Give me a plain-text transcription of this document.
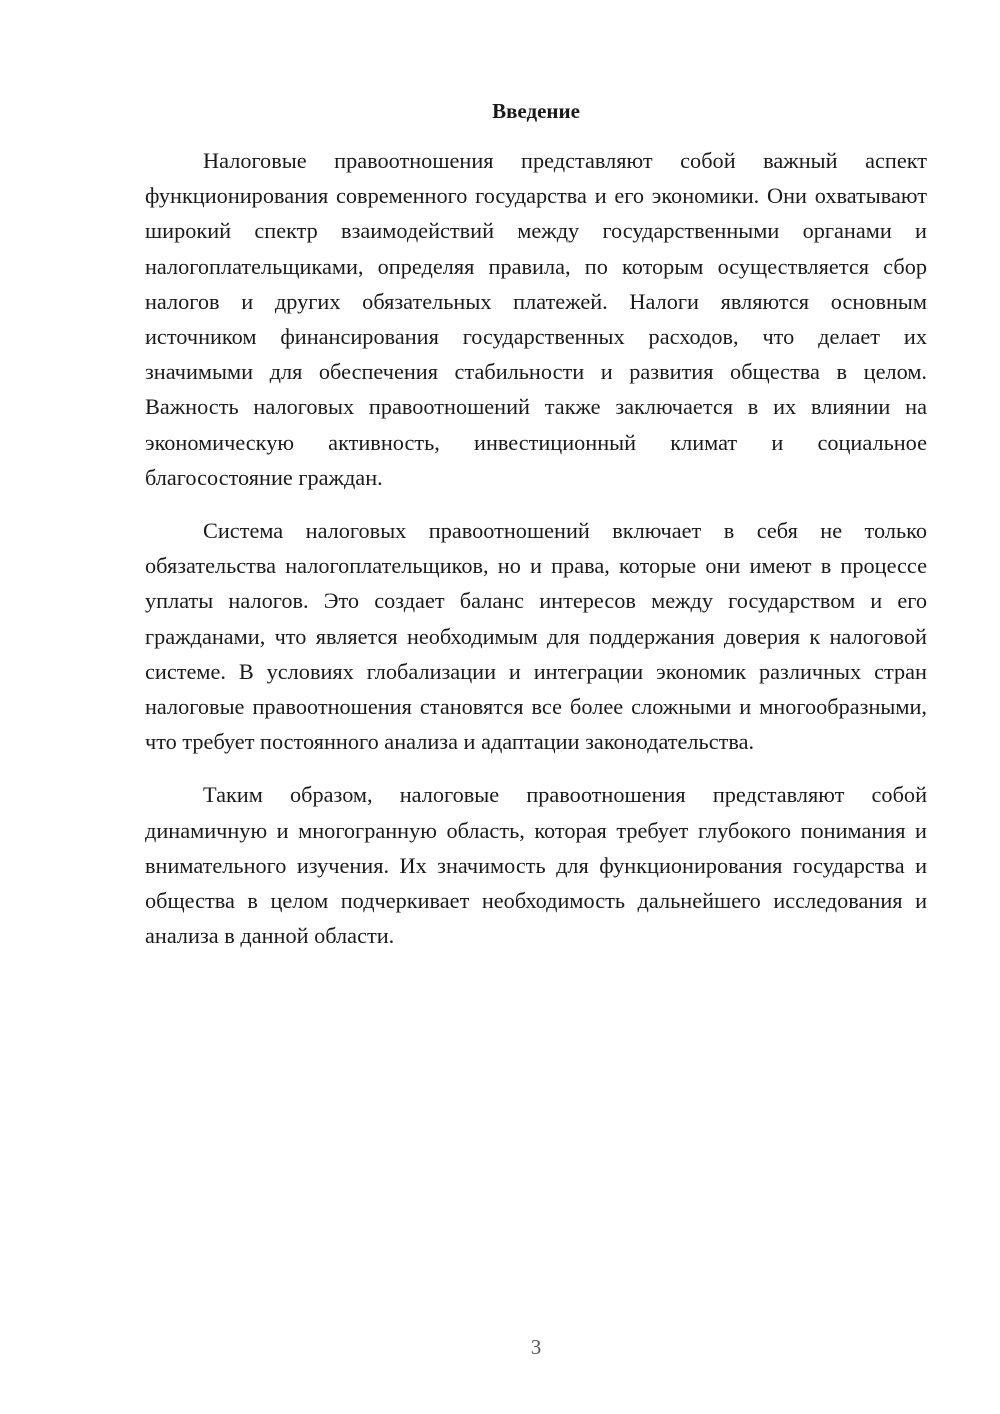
Введение

Налоговые правоотношения представляют собой важный аспект функционирования современного государства и его экономики. Они охватывают широкий спектр взаимодействий между государственными органами и налогоплательщиками, определяя правила, по которым осуществляется сбор налогов и других обязательных платежей. Налоги являются основным источником финансирования государственных расходов, что делает их значимыми для обеспечения стабильности и развития общества в целом. Важность налоговых правоотношений также заключается в их влиянии на экономическую активность, инвестиционный климат и социальное благосостояние граждан.

Система налоговых правоотношений включает в себя не только обязательства налогоплательщиков, но и права, которые они имеют в процессе уплаты налогов. Это создает баланс интересов между государством и его гражданами, что является необходимым для поддержания доверия к налоговой системе. В условиях глобализации и интеграции экономик различных стран налоговые правоотношения становятся все более сложными и многообразными, что требует постоянного анализа и адаптации законодательства.

Таким образом, налоговые правоотношения представляют собой динамичную и многогранную область, которая требует глубокого понимания и внимательного изучения. Их значимость для функционирования государства и общества в целом подчеркивает необходимость дальнейшего исследования и анализа в данной области.

3
